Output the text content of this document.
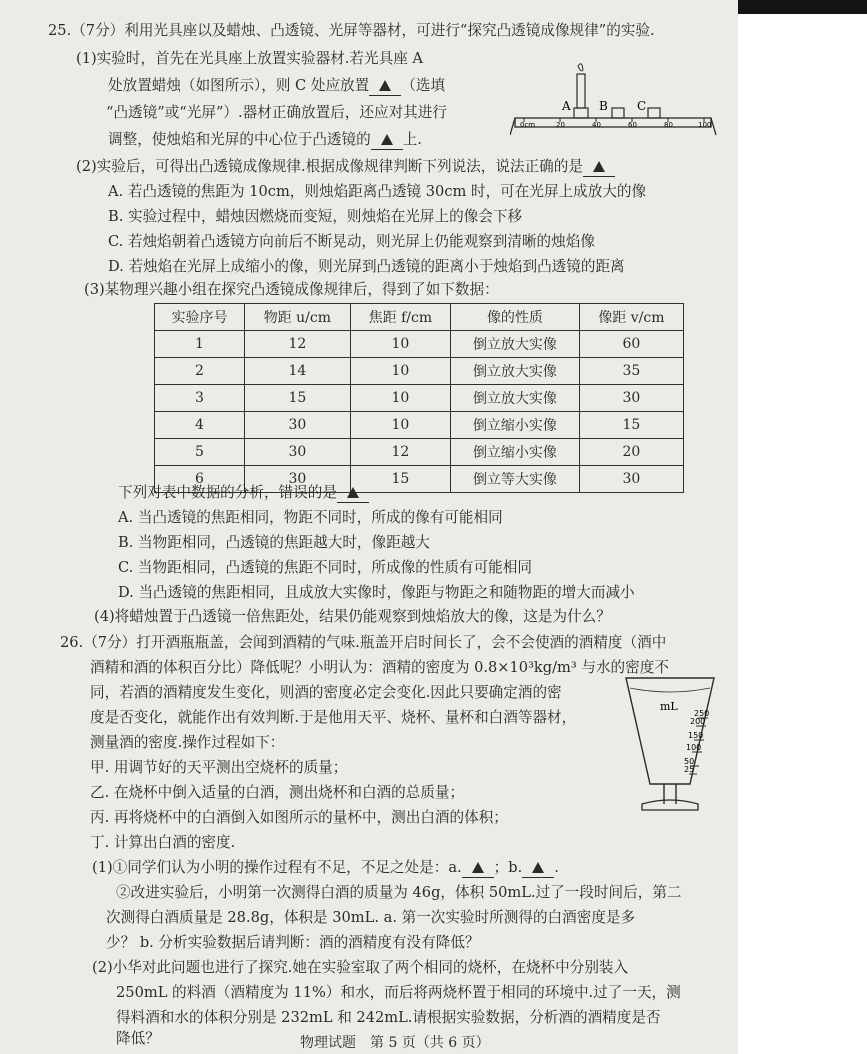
25.（7分）利用光具座以及蜡烛、凸透镜、光屏等器材，可进行“探究凸透镜成像规律”的实验.
(1)实验时，首先在光具座上放置实验器材.若光具座 A
处放置蜡烛（如图所示），则 C 处应放置 （选填
“凸透镜”或“光屏”）.器材正确放置后，还应对其进行
调整，使烛焰和光屏的中心位于凸透镜的 上.
0cm	20	40	60	80	100
A B C
(2)实验后，可得出凸透镜成像规律.根据成像规律判断下列说法，说法正确的是
A. 若凸透镜的焦距为 10cm，则烛焰距离凸透镜 30cm 时，可在光屏上成放大的像
B. 实验过程中，蜡烛因燃烧而变短，则烛焰在光屏上的像会下移
C. 若烛焰朝着凸透镜方向前后不断晃动，则光屏上仍能观察到清晰的烛焰像
D. 若烛焰在光屏上成缩小的像，则光屏到凸透镜的距离小于烛焰到凸透镜的距离
(3)某物理兴趣小组在探究凸透镜成像规律后，得到了如下数据：
实验序号	物距 u/cm	焦距 f/cm	像的性质	像距 v/cm
1	12	10	倒立放大实像	60
2	14	10	倒立放大实像	35
3	15	10	倒立放大实像	30
4	30	10	倒立缩小实像	15
5	30	12	倒立缩小实像	20
6	30	15	倒立等大实像	30
下列对表中数据的分析，错误的是
A. 当凸透镜的焦距相同，物距不同时，所成的像有可能相同
B. 当物距相同，凸透镜的焦距越大时，像距越大
C. 当物距相同，凸透镜的焦距不同时，所成像的性质有可能相同
D. 当凸透镜的焦距相同，且成放大实像时，像距与物距之和随物距的增大而减小
(4)将蜡烛置于凸透镜一倍焦距处，结果仍能观察到烛焰放大的像，这是为什么？
26.（7分）打开酒瓶瓶盖，会闻到酒精的气味.瓶盖开启时间长了，会不会使酒的酒精度（酒中
酒精和酒的体积百分比）降低呢？小明认为：酒精的密度为 0.8×10³kg/m³ 与水的密度不
同，若酒的酒精度发生变化，则酒的密度必定会变化.因此只要确定酒的密
度是否变化，就能作出有效判断.于是他用天平、烧杯、量杯和白酒等器材，
测量酒的密度.操作过程如下：
甲. 用调节好的天平测出空烧杯的质量；
乙. 在烧杯中倒入适量的白酒，测出烧杯和白酒的总质量；
丙. 再将烧杯中的白酒倒入如图所示的量杯中，测出白酒的体积；
丁. 计算出白酒的密度.
mL
250
200
150
100
50
25
(1)①同学们认为小明的操作过程有不足，不足之处是：a. ；b. .
②改进实验后，小明第一次测得白酒的质量为 46g，体积 50mL.过了一段时间后，第二
次测得白酒质量是 28.8g，体积是 30mL. a. 第一次实验时所测得的白酒密度是多
少？ b. 分析实验数据后请判断：酒的酒精度有没有降低？
(2)小华对此问题也进行了探究.她在实验室取了两个相同的烧杯，在烧杯中分别装入
250mL 的料酒（酒精度为 11%）和水，而后将两烧杯置于相同的环境中.过了一天，测
得料酒和水的体积分别是 232mL 和 242mL.请根据实验数据，分析酒的酒精度是否
降低？	物理试题　第 5 页（共 6 页）
